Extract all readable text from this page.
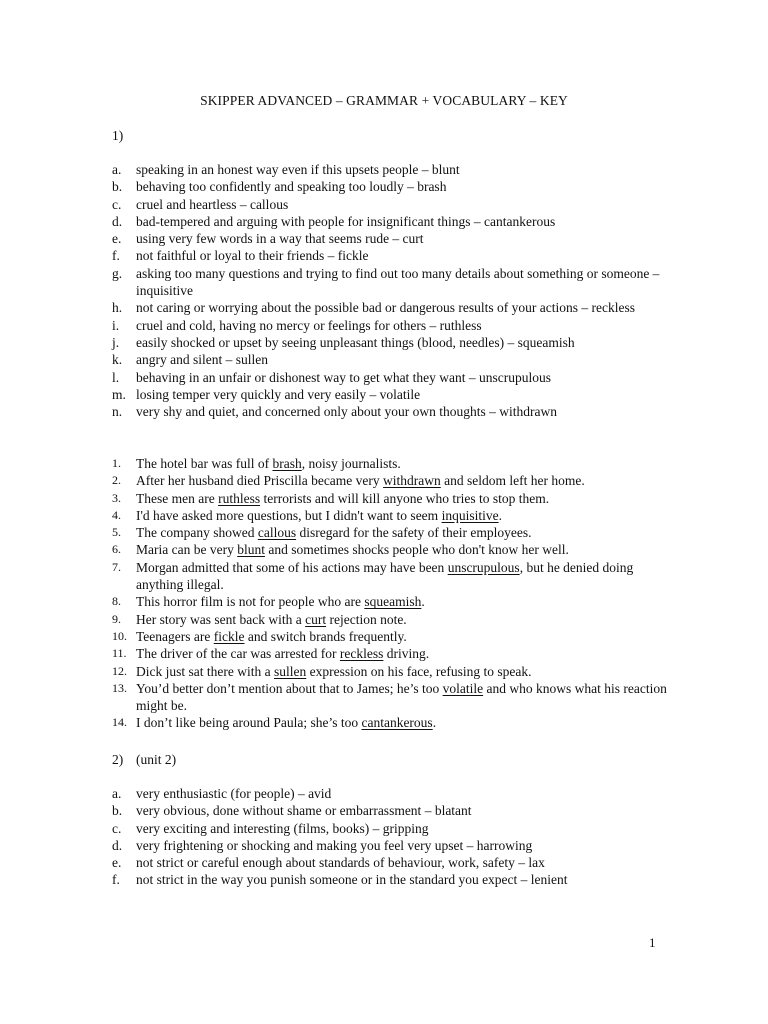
SKIPPER ADVANCED – GRAMMAR + VOCABULARY – KEY
1)
a. speaking in an honest way even if this upsets people – blunt
b. behaving too confidently and speaking too loudly – brash
c. cruel and heartless – callous
d. bad-tempered and arguing with people for insignificant things – cantankerous
e. using very few words in a way that seems rude – curt
f. not faithful or loyal to their friends – fickle
g. asking too many questions and trying to find out too many details about something or someone – inquisitive
h. not caring or worrying about the possible bad or dangerous results of your actions – reckless
i. cruel and cold, having no mercy or feelings for others – ruthless
j. easily shocked or upset by seeing unpleasant things (blood, needles) – squeamish
k. angry and silent – sullen
l. behaving in an unfair or dishonest way to get what they want – unscrupulous
m. losing temper very quickly and very easily – volatile
n. very shy and quiet, and concerned only about your own thoughts – withdrawn
1. The hotel bar was full of brash, noisy journalists.
2. After her husband died Priscilla became very withdrawn and seldom left her home.
3. These men are ruthless terrorists and will kill anyone who tries to stop them.
4. I'd have asked more questions, but I didn't want to seem inquisitive.
5. The company showed callous disregard for the safety of their employees.
6. Maria can be very blunt and sometimes shocks people who don't know her well.
7. Morgan admitted that some of his actions may have been unscrupulous, but he denied doing anything illegal.
8. This horror film is not for people who are squeamish.
9. Her story was sent back with a curt rejection note.
10. Teenagers are fickle and switch brands frequently.
11. The driver of the car was arrested for reckless driving.
12. Dick just sat there with a sullen expression on his face, refusing to speak.
13. You’d better don’t mention about that to James; he’s too volatile and who knows what his reaction might be.
14. I don’t like being around Paula; she’s too cantankerous.
2) (unit 2)
a. very enthusiastic (for people) – avid
b. very obvious, done without shame or embarrassment – blatant
c. very exciting and interesting (films, books) – gripping
d. very frightening or shocking and making you feel very upset – harrowing
e. not strict or careful enough about standards of behaviour, work, safety – lax
f. not strict in the way you punish someone or in the standard you expect – lenient
1
